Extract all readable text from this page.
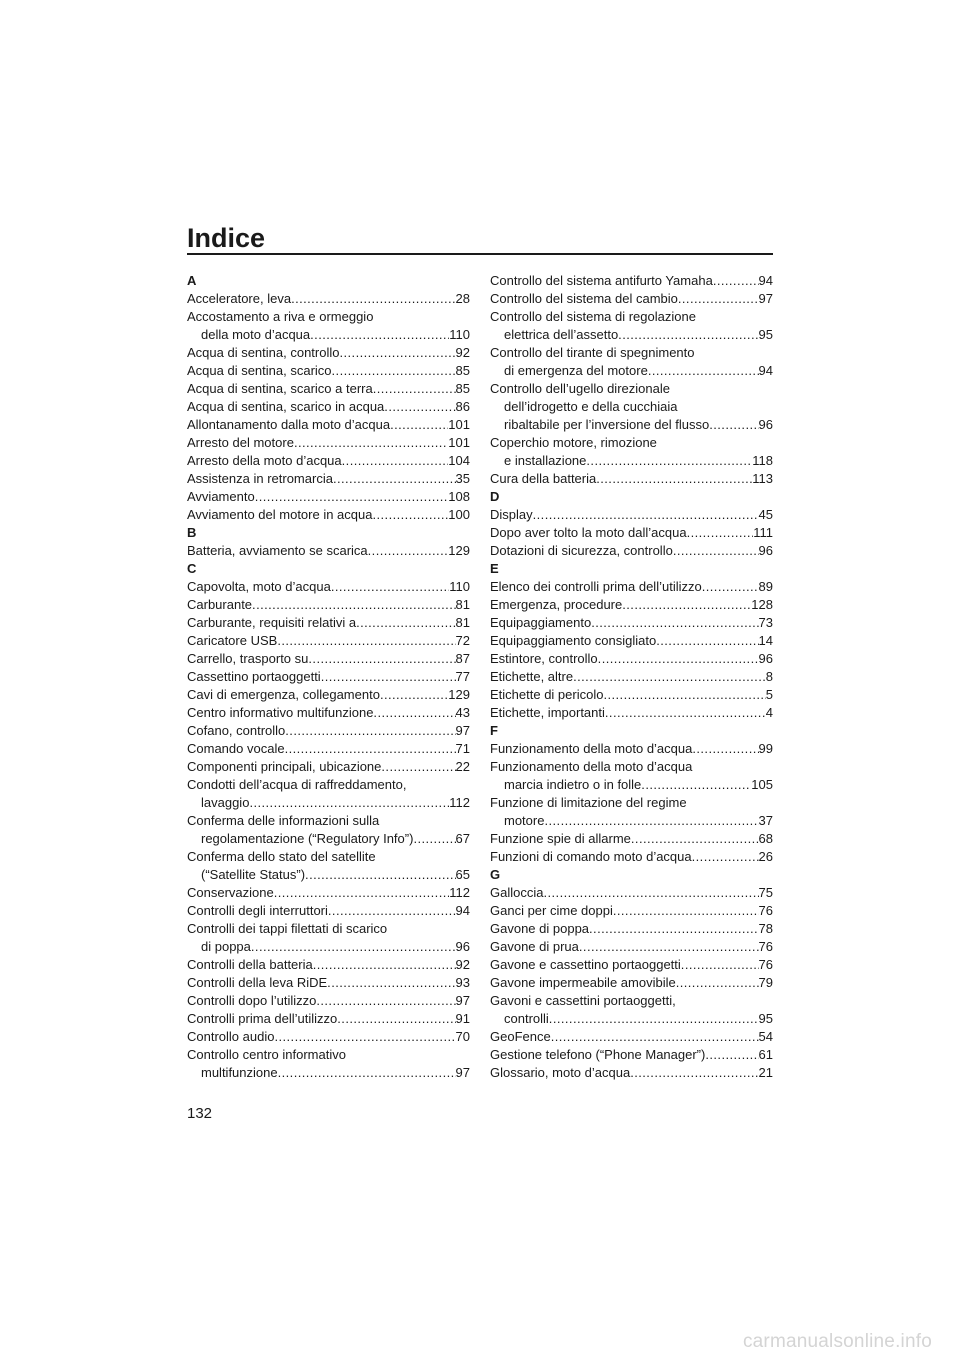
Indice
A
Acceleratore, leva . . .	28
Accostamento a riva e ormeggio
della moto d’acqua . . .	110
Acqua di sentina, controllo . . .	92
Acqua di sentina, scarico . . .	85
Acqua di sentina, scarico a terra . . .	85
Acqua di sentina, scarico in acqua . . .	86
Allontanamento dalla moto d’acqua . . .	101
Arresto del motore . . .	101
Arresto della moto d’acqua . . .	104
Assistenza in retromarcia . . .	35
Avviamento . . .	108
Avviamento del motore in acqua . . .	100
B
Batteria, avviamento se scarica . . .	129
C
Capovolta, moto d’acqua . . .	110
Carburante . . .	81
Carburante, requisiti relativi a . . .	81
Caricatore USB . . .	72
Carrello, trasporto su . . .	87
Cassettino portaoggetti . . .	77
Cavi di emergenza, collegamento . . .	129
Centro informativo multifunzione . . .	43
Cofano, controllo . . .	97
Comando vocale . . .	71
Componenti principali, ubicazione . . .	22
Condotti dell’acqua di raffreddamento,
lavaggio . . .	112
Conferma delle informazioni sulla
regolamentazione (“Regulatory Info”) . . .	67
Conferma dello stato del satellite
(“Satellite Status”) . . .	65
Conservazione . . .	112
Controlli degli interruttori . . .	94
Controlli dei tappi filettati di scarico
di poppa . . .	96
Controlli della batteria . . .	92
Controlli della leva RiDE . . .	93
Controlli dopo l’utilizzo . . .	97
Controlli prima dell’utilizzo . . .	91
Controllo audio . . .	70
Controllo centro informativo
multifunzione . . .	97
Controllo del sistema antifurto Yamaha . . .	94
Controllo del sistema del cambio . . .	97
Controllo del sistema di regolazione
elettrica dell’assetto . . .	95
Controllo del tirante di spegnimento
di emergenza del motore . . .	94
Controllo dell’ugello direzionale
dell’idrogetto e della cucchiaia
ribaltabile per l’inversione del flusso . . .	96
Coperchio motore, rimozione
e installazione . . .	118
Cura della batteria . . .	113
D
Display . . .	45
Dopo aver tolto la moto dall’acqua . . .	111
Dotazioni di sicurezza, controllo . . .	96
E
Elenco dei controlli prima dell’utilizzo . . .	89
Emergenza, procedure . . .	128
Equipaggiamento . . .	73
Equipaggiamento consigliato . . .	14
Estintore, controllo . . .	96
Etichette, altre . . .	8
Etichette di pericolo . . .	5
Etichette, importanti . . .	4
F
Funzionamento della moto d’acqua . . .	99
Funzionamento della moto d’acqua
marcia indietro o in folle . . .	105
Funzione di limitazione del regime
motore . . .	37
Funzione spie di allarme . . .	68
Funzioni di comando moto d’acqua . . .	26
G
Galloccia . . .	75
Ganci per cime doppi . . .	76
Gavone di poppa . . .	78
Gavone di prua . . .	76
Gavone e cassettino portaoggetti . . .	76
Gavone impermeabile amovibile . . .	79
Gavoni e cassettini portaoggetti,
controlli . . .	95
GeoFence . . .	54
Gestione telefono (“Phone Manager”) . . .	61
Glossario, moto d’acqua . . .	21
132
carmanualsonline.info
